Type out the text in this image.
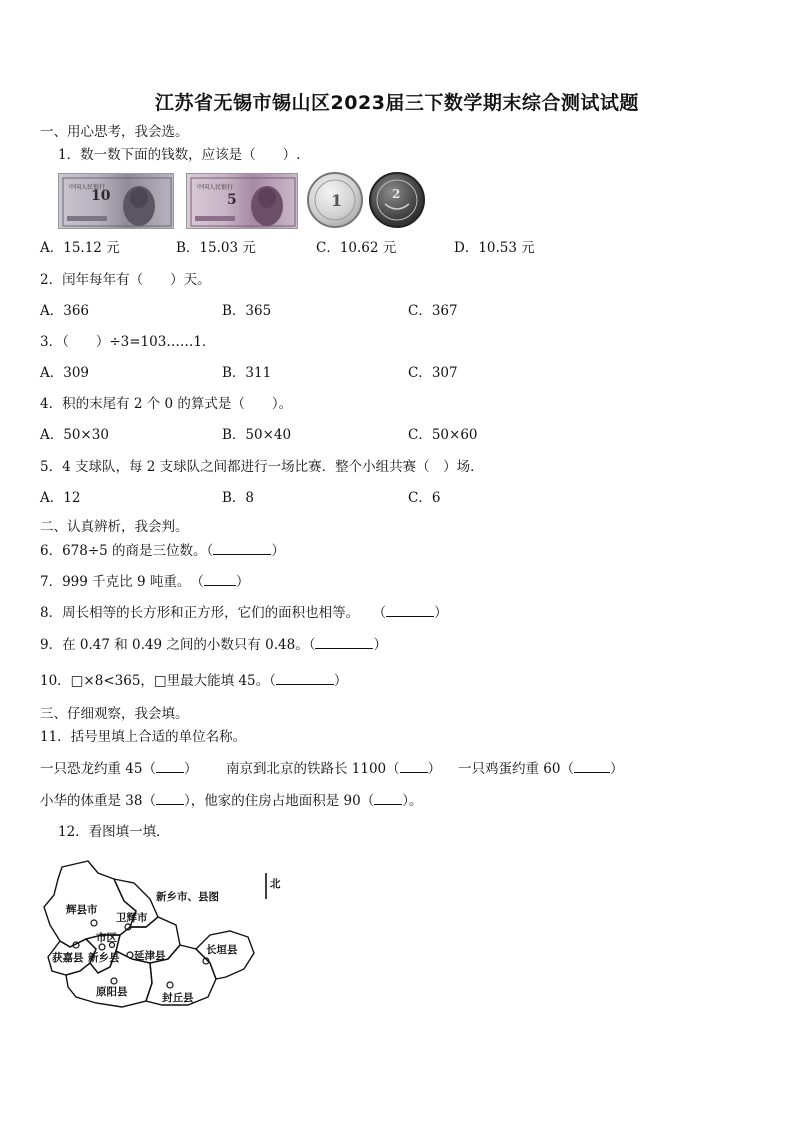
江苏省无锡市锡山区2023届三下数学期末综合测试试题
一、用心思考，我会选。
1．数一数下面的钱数，应该是（　　）.
中国人民银行
10
中国人民银行
5	1	2
A．15.12 元	B．15.03 元	C．10.62 元	D．10.53 元
2．闰年每年有（　　）天。
A．366	B．365	C．367
3．（　　）÷3=103……1．
A．309	B．311	C．307
4．积的末尾有 2 个 0 的算式是（　　）。
A．50×30	B．50×40	C．50×60
5．4 支球队，每 2 支球队之间都进行一场比赛．整个小组共赛（　）场．
A．12	B．8	C．6
二、认真辨析，我会判。
6．678÷5 的商是三位数。（	）
7．999 千克比 9 吨重。　（ ）
8．周长相等的长方形和正方形，它们的面积也相等。　　（	）
9．在 0.47 和 0.49 之间的小数只有 0.48。（	）
10．□×8<365，□里最大能填 45。（	）
三、仔细观察，我会填。
11．括号里填上合适的单位名称。
一只恐龙约重 45（ ） 南京到北京的铁路长 1100（ ） 一只鸡蛋约重 60（	）
小华的体重是 38（ ），他家的住房占地面积是 90（ ）。
12．看图填一填．
新乡市、县图
北
辉县市
卫辉市
获嘉县 新乡县
市区
延津县
原阳县	封丘县
长垣县
